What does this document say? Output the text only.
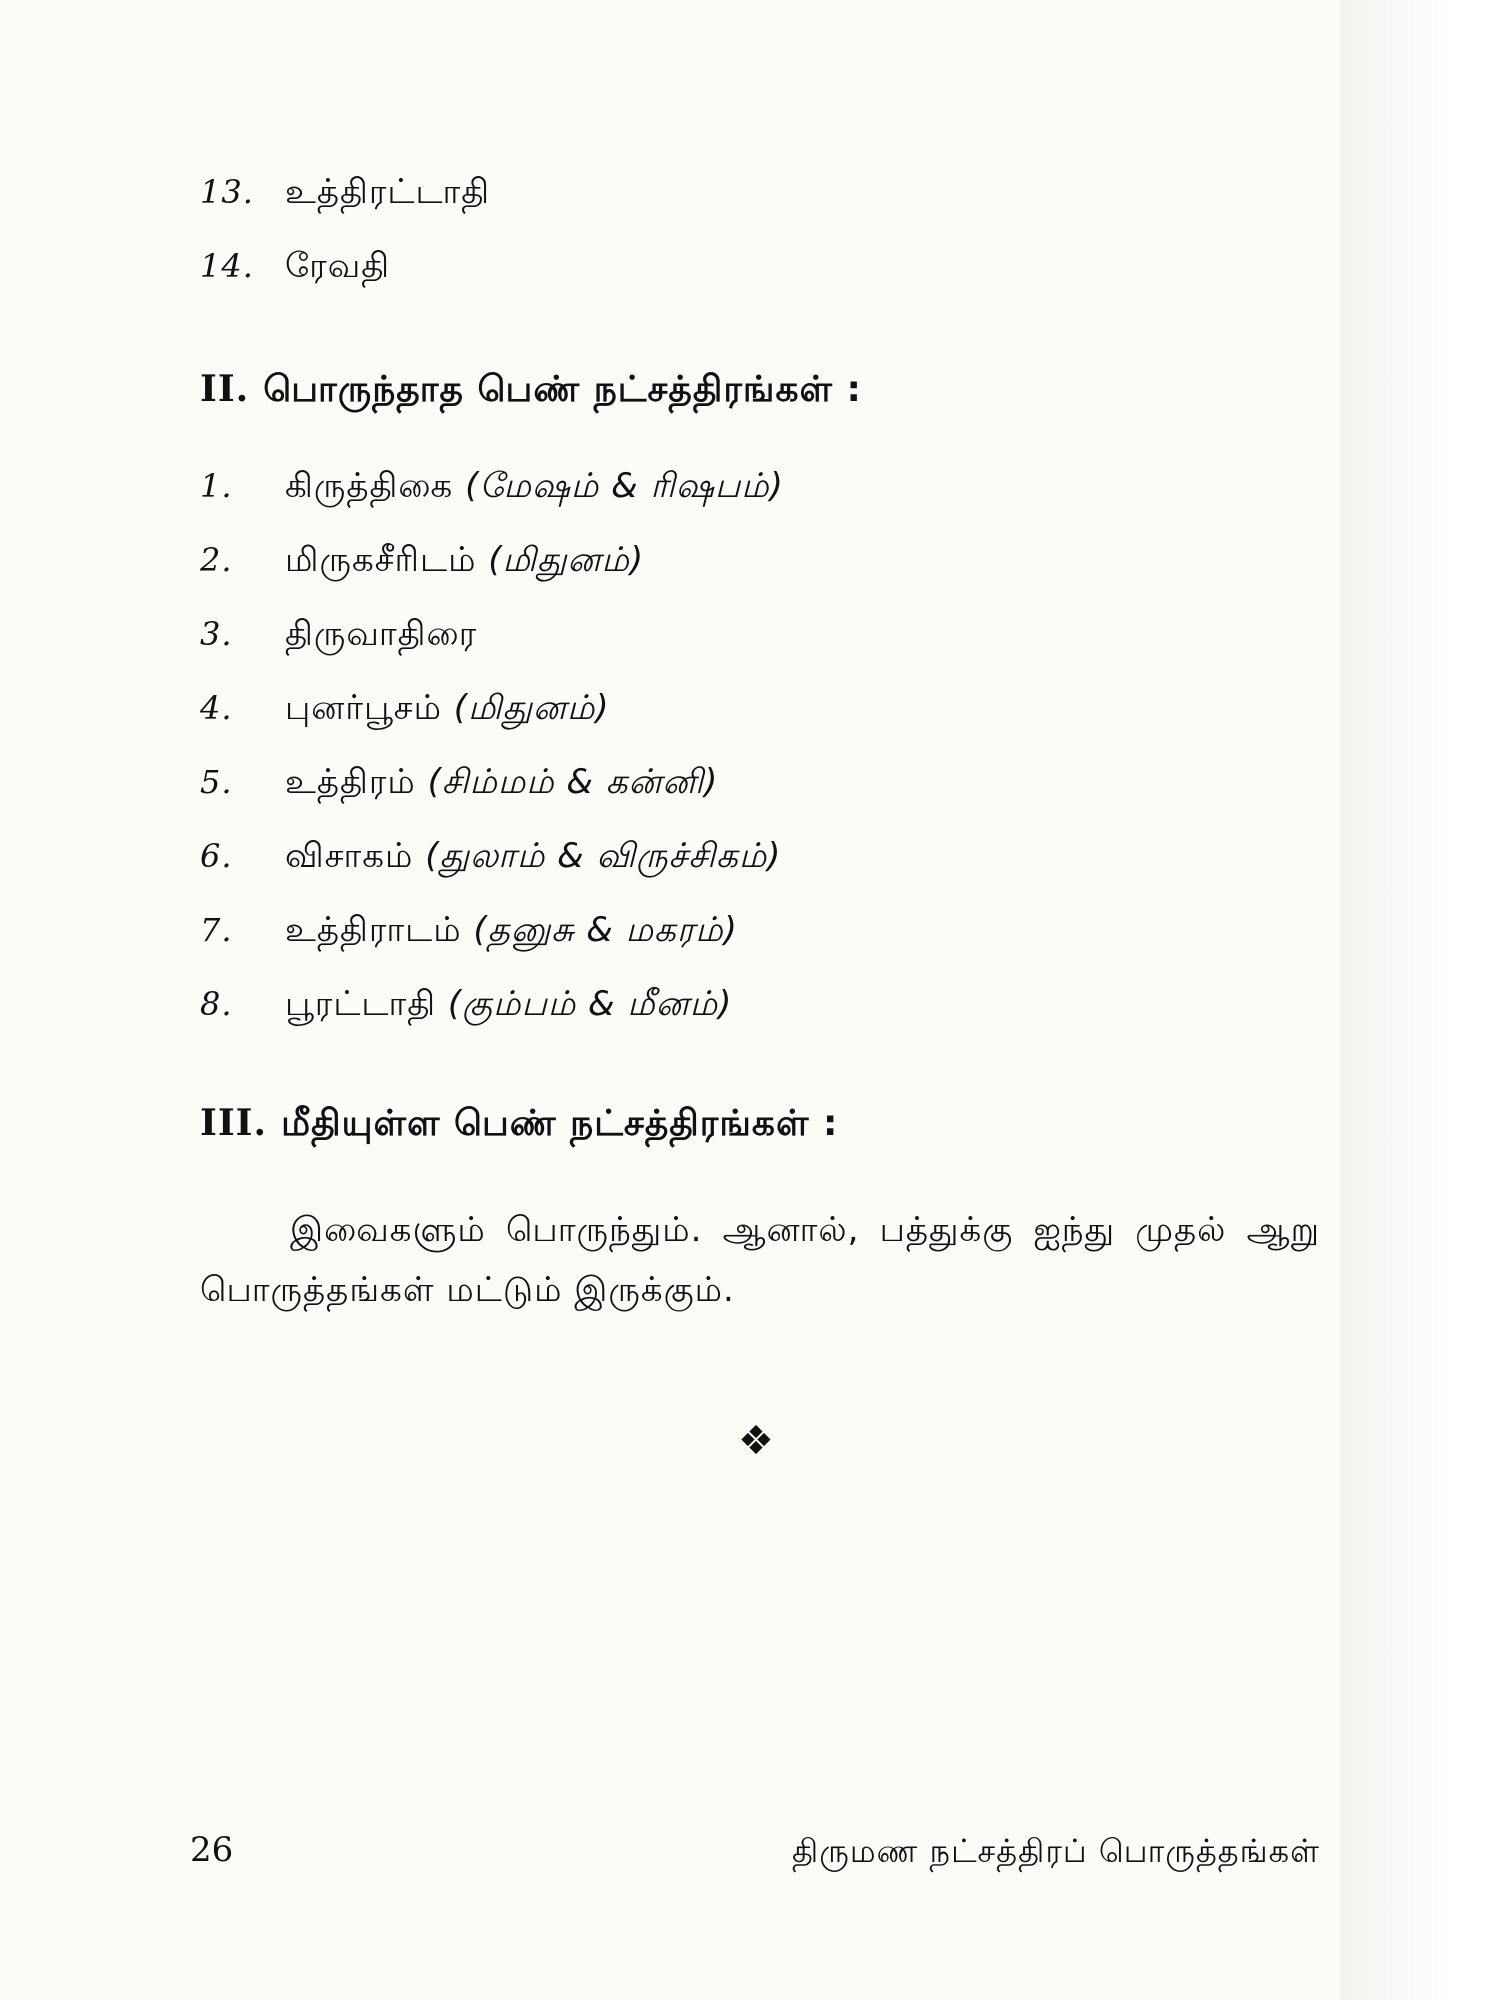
13. உத்திரட்டாதி
14. ரேவதி
II. பொருந்தாத பெண் நட்சத்திரங்கள் :
1. கிருத்திகை (மேஷம் & ரிஷபம்)
2. மிருகசீரிடம் (மிதுனம்)
3. திருவாதிரை
4. புனர்பூசம் (மிதுனம்)
5. உத்திரம் (சிம்மம் & கன்னி)
6. விசாகம் (துலாம் & விருச்சிகம்)
7. உத்திராடம் (தனுசு & மகரம்)
8. பூரட்டாதி (கும்பம் & மீனம்)
III. மீதியுள்ள பெண் நட்சத்திரங்கள் :
இவைகளும் பொருந்தும். ஆனால், பத்துக்கு ஐந்து முதல் ஆறு பொருத்தங்கள் மட்டும் இருக்கும்.
❖
26	திருமண நட்சத்திரப் பொருத்தங்கள்
